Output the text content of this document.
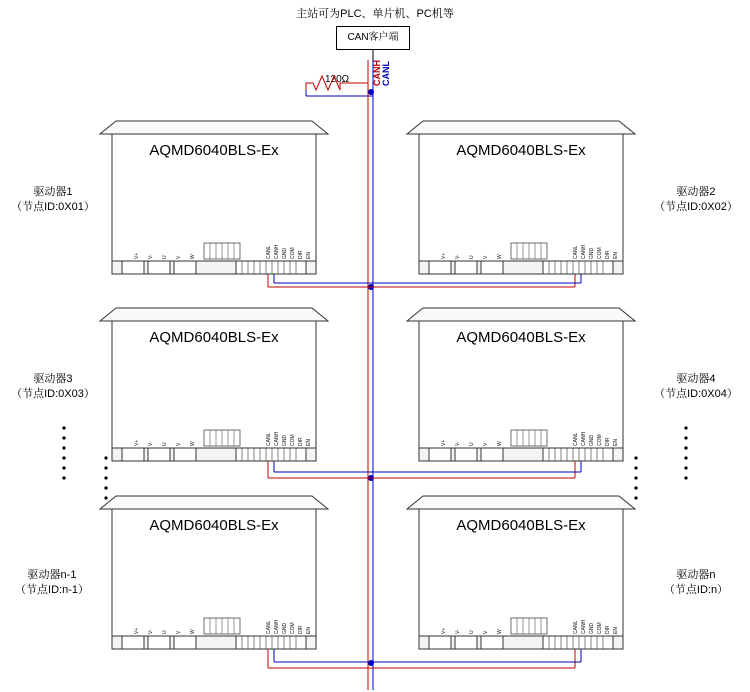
主站可为PLC、单片机、PC机等
CAN客户端
120Ω	CANH CANL
AQMD6040BLS-Ex
V+ V- U V W	CANL CANH GND COM DIR EN
驱动器1
（节点ID:0X01）
AQMD6040BLS-Ex
V+ V- U V W	CANL CANH GND COM DIR EN
驱动器2
（节点ID:0X02）
AQMD6040BLS-Ex
V+ V- U V W	CANL CANH GND COM DIR EN
驱动器3
（节点ID:0X03）
AQMD6040BLS-Ex
V+ V- U V W	CANL CANH GND COM DIR EN
驱动器4
（节点ID:0X04）
AQMD6040BLS-Ex
V+ V- U V W	CANL CANH GND COM DIR EN
驱动器n-1
（节点ID:n-1）
AQMD6040BLS-Ex
V+ V- U V W	CANL CANH GND COM DIR EN
驱动器n
（节点ID:n）
